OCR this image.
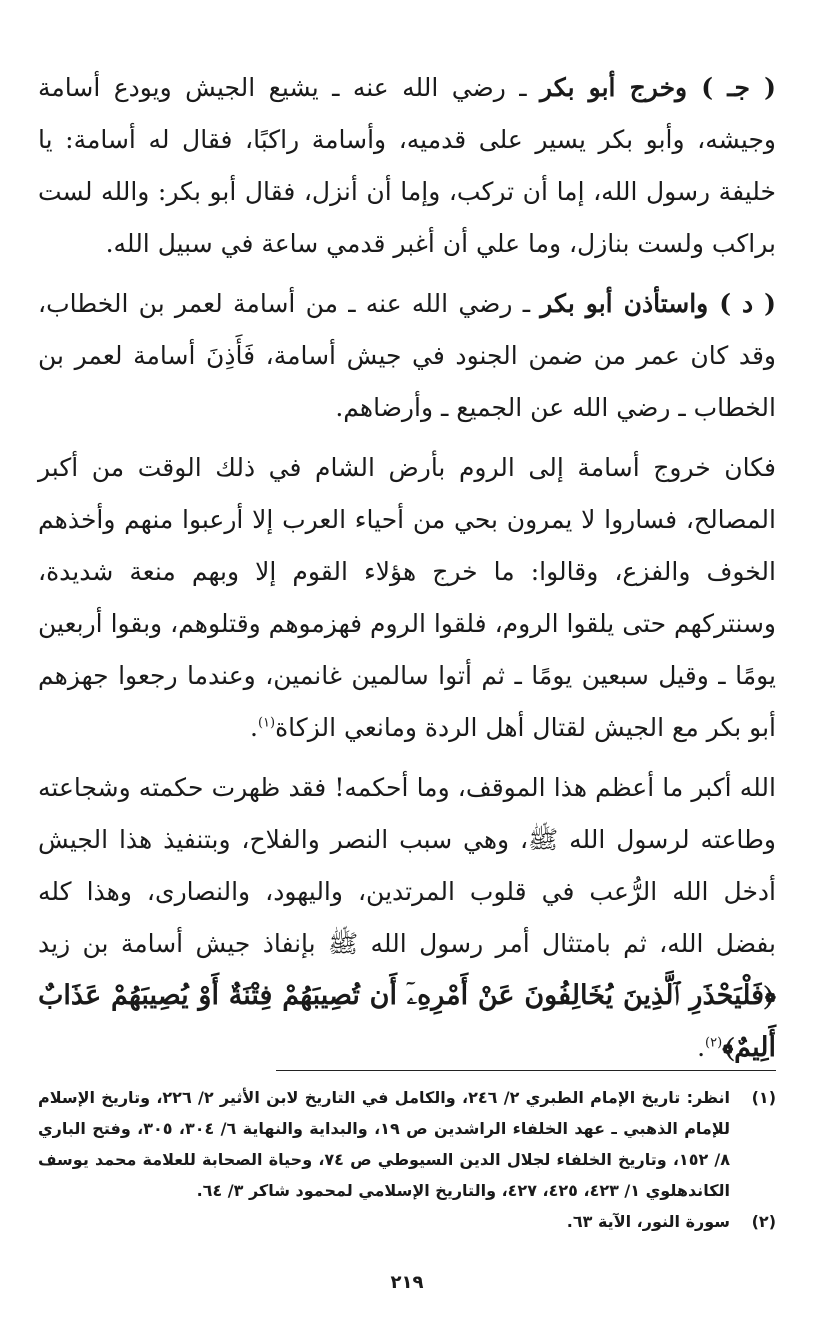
( جـ ) وخرج أبو بكر ـ رضي الله عنه ـ يشيع الجيش ويودع أسامة وجيشه، وأبو بكر يسير على قدميه، وأسامة راكبًا، فقال له أسامة: يا خليفة رسول الله، إما أن تركب، وإما أن أنزل، فقال أبو بكر: والله لست براكب ولست بنازل، وما علي أن أغبر قدمي ساعة في سبيل الله.

( د ) واستأذن أبو بكر ـ رضي الله عنه ـ من أسامة لعمر بن الخطاب، وقد كان عمر من ضمن الجنود في جيش أسامة، فَأَذِنَ أسامة لعمر بن الخطاب ـ رضي الله عن الجميع ـ وأرضاهم.

فكان خروج أسامة إلى الروم بأرض الشام في ذلك الوقت من أكبر المصالح، فساروا لا يمرون بحي من أحياء العرب إلا أرعبوا منهم وأخذهم الخوف والفزع، وقالوا: ما خرج هؤلاء القوم إلا وبهم منعة شديدة، وسنتركهم حتى يلقوا الروم، فلقوا الروم فهزموهم وقتلوهم، وبقوا أربعين يومًا ـ وقيل سبعين يومًا ـ ثم أتوا سالمين غانمين، وعندما رجعوا جهزهم أبو بكر مع الجيش لقتال أهل الردة ومانعي الزكاة$^{(١)}$.

الله أكبر ما أعظم هذا الموقف، وما أحكمه! فقد ظهرت حكمته وشجاعته وطاعته لرسول الله ﷺ، وهي سبب النصر والفلاح، وبتنفيذ هذا الجيش أدخل الله الرُّعب في قلوب المرتدين، واليهود، والنصارى، وهذا كله بفضل الله، ثم بامتثال أمر رسول الله ﷺ بإنفاذ جيش أسامة بن زيد ﴿فَلْيَحْذَرِ ٱلَّذِينَ يُخَالِفُونَ عَنْ أَمْرِهِۦٓ أَن تُصِيبَهُمْ فِتْنَةٌ أَوْ يُصِيبَهُمْ عَذَابٌ أَلِيمٌ﴾$^{(٢)}$.

(١)
انظر: تاريخ الإمام الطبري ٢/ ٢٤٦، والكامل في التاريخ لابن الأثير ٢/ ٢٢٦، وتاريخ الإسلام للإمام الذهبي ـ عهد الخلفاء الراشدين ص ١٩، والبداية والنهاية ٦/ ٣٠٤، ٣٠٥، وفتح الباري ٨/ ١٥٢، وتاريخ الخلفاء لجلال الدين السيوطي ص ٧٤، وحياة الصحابة للعلامة محمد يوسف الكاندهلوي ١/ ٤٢٣، ٤٢٥، ٤٢٧، والتاريخ الإسلامي لمحمود شاكر ٣/ ٦٤.
(٢)
سورة النور، الآية ٦٣.
٢١٩
